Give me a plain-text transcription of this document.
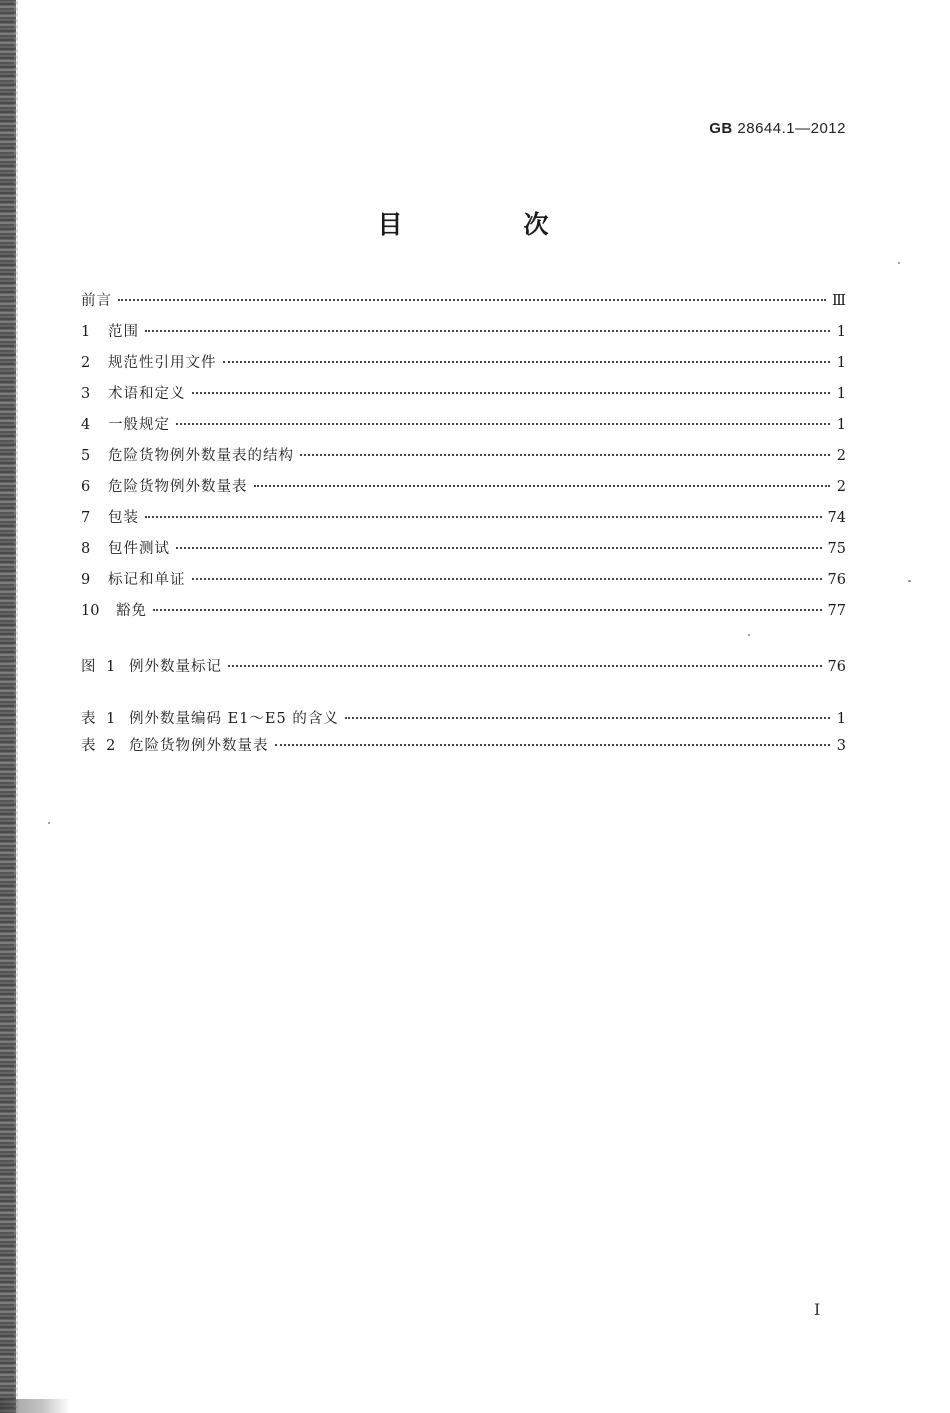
GB 28644.1—2012
目　次
前言	Ⅲ
1	范围	1
2	规范性引用文件	1
3	术语和定义	1
4	一般规定	1
5	危险货物例外数量表的结构	2
6	危险货物例外数量表	2
7	包装	74
8	包件测试	75
9	标记和单证	76
10	豁免	77
图 1 例外数量标记	76
表 1 例外数量编码 E1～E5 的含义	1
表 2 危险货物例外数量表	3
I
